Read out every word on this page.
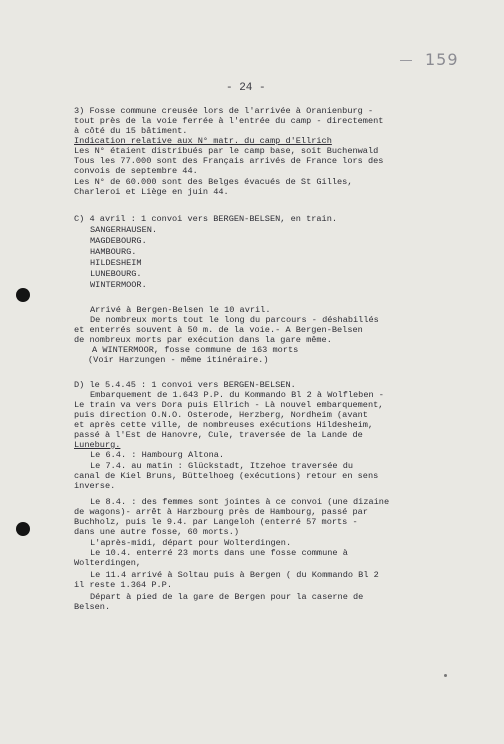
159
- 24 -
3) Fosse commune creusée lors de l'arrivée à Oranienburg -
tout près de la voie ferrée à l'entrée du camp - directement
à côté du 15 bâtiment.
Indication relative aux N° matr. du camp d'Ellrich
Les N° étaient distribués par le camp base, soit Buchenwald
Tous les 77.000 sont des Français arrivés de France lors des
convois de septembre 44.
Les N° de 60.000 sont des Belges évacués de St Gilles,
Charleroi et Liège en juin 44.
C) 4 avril : 1 convoi vers BERGEN-BELSEN, en train.
SANGERHAUSEN.
MAGDEBOURG.
HAMBOURG.
HILDESHEIM
LUNEBOURG.
WINTERMOOR.
Arrivé à Bergen-Belsen le 10 avril.
De nombreux morts tout le long du parcours - déshabillés
et enterrés souvent à 50 m. de la voie.- A Bergen-Belsen
de nombreux morts par exécution dans la gare même.
A WINTERMOOR, fosse commune de 163 morts
(Voir Harzungen - même itinéraire.)
D) le 5.4.45 : 1 convoi vers BERGEN-BELSEN.
Embarquement de 1.643 P.P. du Kommando Bl 2 à Wolfleben -
Le train va vers Dora puis Ellrich - Là nouvel embarquement,
puis direction O.N.O. Osterode, Herzberg, Nordheim (avant
et après cette ville, de nombreuses exécutions Hildesheim,
passé à l'Est de Hanovre, Cule, traversée de la Lande de
Luneburg.
Le 6.4. : Hambourg Altona.
Le 7.4. au matin : Glückstadt, Itzehoe traversée du
canal de Kiel Bruns, Büttelhoeg (exécutions) retour en sens
inverse.
Le 8.4. : des femmes sont jointes à ce convoi (une dizaine
de wagons)- arrêt à Harzbourg près de Hambourg, passé par
Buchholz, puis le 9.4. par Langeloh (enterré 57 morts -
dans une autre fosse, 60 morts.)
L'après-midi, départ pour Wolterdingen.
Le 10.4. enterré 23 morts dans une fosse commune à
Wolterdingen,
Le 11.4 arrivé à Soltau puis à Bergen ( du Kommando Bl 2
il reste 1.364 P.P.
Départ à pied de la gare de Bergen pour la caserne de
Belsen.
